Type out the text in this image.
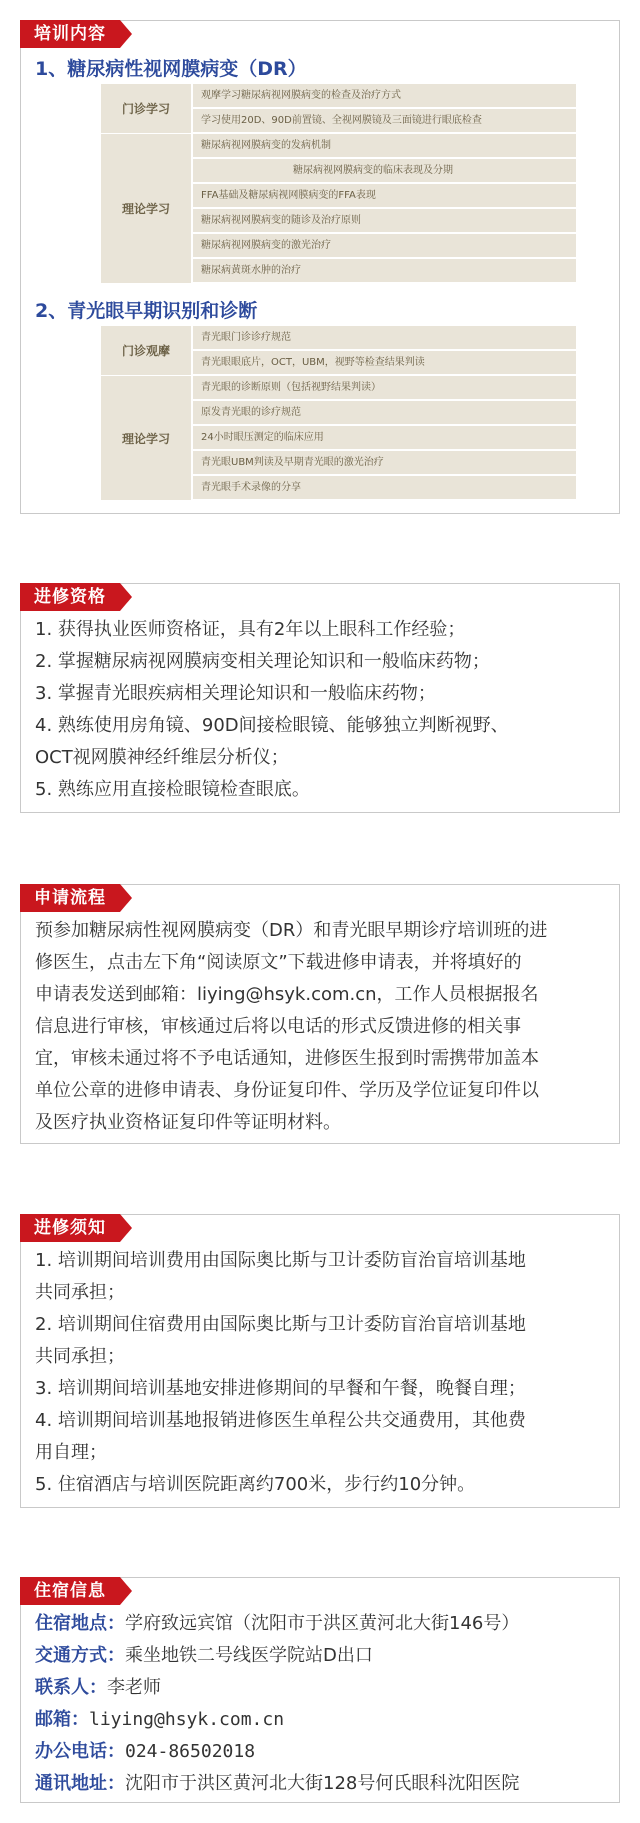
培训内容
1、糖尿病性视网膜病变（DR）
门诊学习
观摩学习糖尿病视网膜病变的检查及治疗方式
学习使用20D、90D前置镜、全视网膜镜及三面镜进行眼底检查
理论学习
糖尿病视网膜病变的发病机制
糖尿病视网膜病变的临床表现及分期
FFA基础及糖尿病视网膜病变的FFA表现
糖尿病视网膜病变的随诊及治疗原则
糖尿病视网膜病变的激光治疗
糖尿病黄斑水肿的治疗
2、青光眼早期识别和诊断
门诊观摩
青光眼门诊诊疗规范
青光眼眼底片，OCT，UBM，视野等检查结果判读
理论学习
青光眼的诊断原则（包括视野结果判读）
原发青光眼的诊疗规范
24小时眼压测定的临床应用
青光眼UBM判读及早期青光眼的激光治疗
青光眼手术录像的分享
进修资格
1. 获得执业医师资格证，具有2年以上眼科工作经验；
2. 掌握糖尿病视网膜病变相关理论知识和一般临床药物；
3. 掌握青光眼疾病相关理论知识和一般临床药物；
4. 熟练使用房角镜、90D间接检眼镜、能够独立判断视野、
OCT视网膜神经纤维层分析仪；
5. 熟练应用直接检眼镜检查眼底。
申请流程
预参加糖尿病性视网膜病变（DR）和青光眼早期诊疗培训班的进
修医生，点击左下角“阅读原文”下载进修申请表，并将填好的
申请表发送到邮箱：liying@hsyk.com.cn，工作人员根据报名
信息进行审核，审核通过后将以电话的形式反馈进修的相关事
宜，审核未通过将不予电话通知，进修医生报到时需携带加盖本
单位公章的进修申请表、身份证复印件、学历及学位证复印件以
及医疗执业资格证复印件等证明材料。
进修须知
1. 培训期间培训费用由国际奥比斯与卫计委防盲治盲培训基地
共同承担；
2. 培训期间住宿费用由国际奥比斯与卫计委防盲治盲培训基地
共同承担；
3. 培训期间培训基地安排进修期间的早餐和午餐，晚餐自理；
4. 培训期间培训基地报销进修医生单程公共交通费用，其他费
用自理；
5. 住宿酒店与培训医院距离约700米，步行约10分钟。
住宿信息
住宿地点：学府致远宾馆（沈阳市于洪区黄河北大街146号）
交通方式：乘坐地铁二号线医学院站D出口
联系人：李老师
邮箱：liying@hsyk.com.cn
办公电话：024-86502018
通讯地址：沈阳市于洪区黄河北大街128号何氏眼科沈阳医院
